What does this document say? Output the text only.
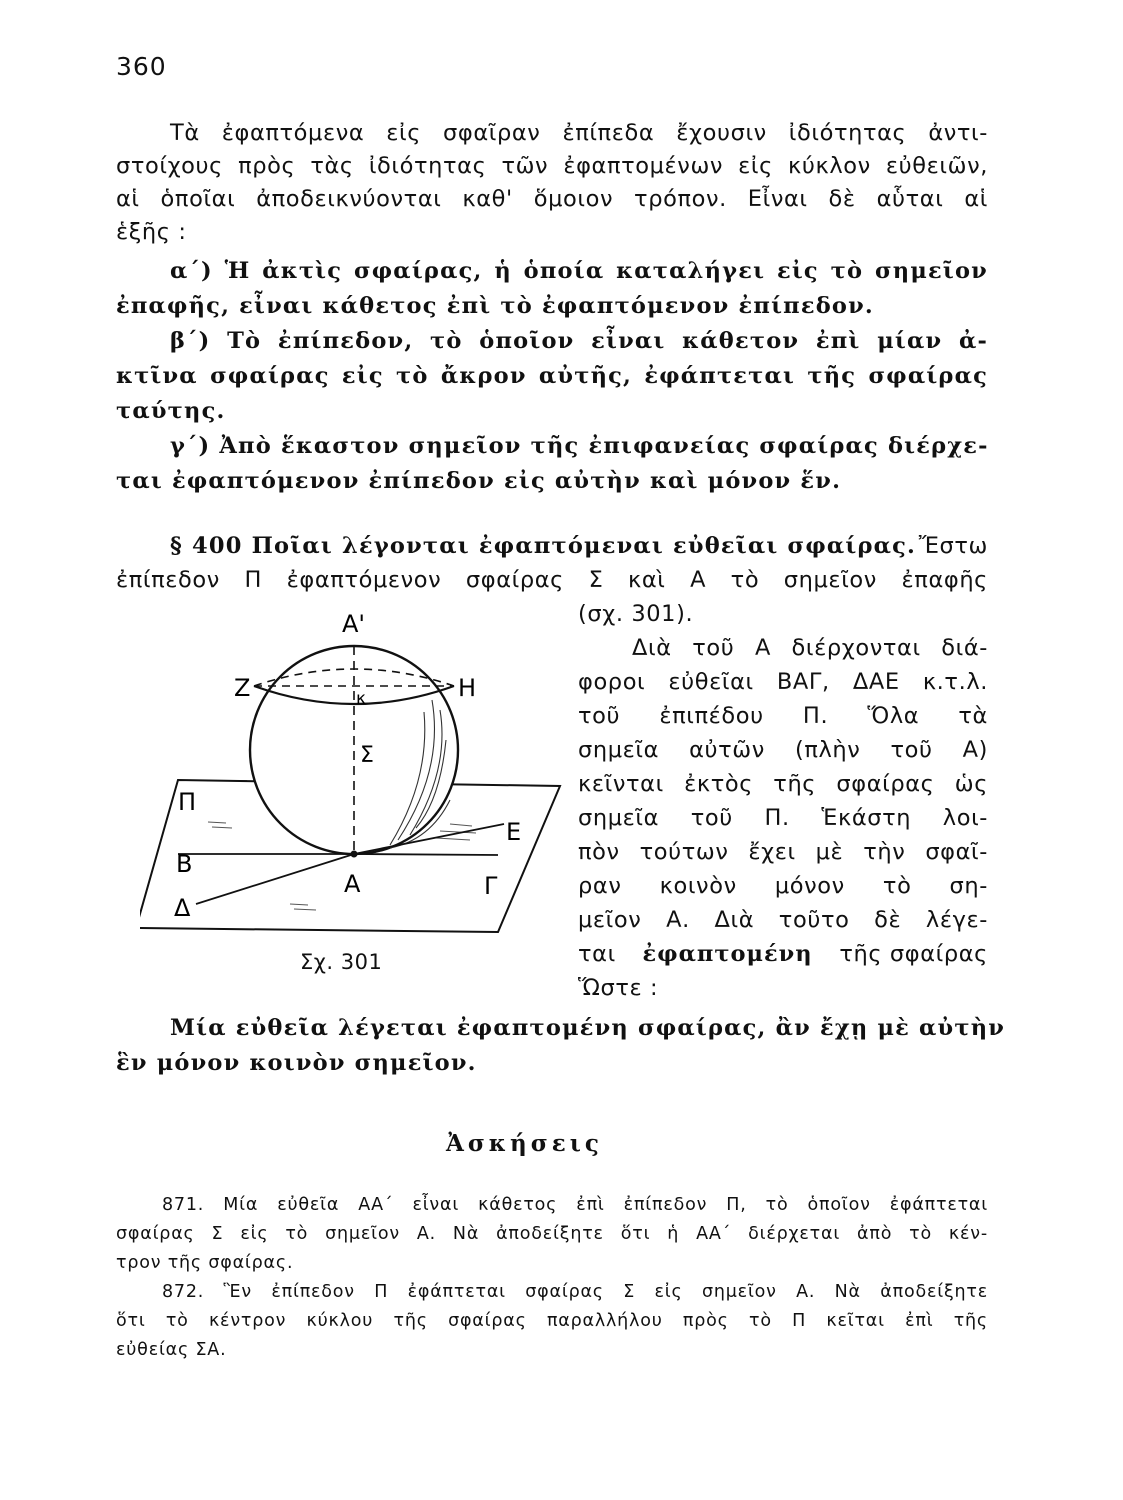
360
Τὰ ἐφαπτόμενα εἰς σφαῖραν ἐπίπεδα ἔχουσιν ἰδιότητας ἀντι-
στοίχους πρὸς τὰς ἰδιότητας τῶν ἐφαπτομένων εἰς κύκλον εὐθειῶν,
αἱ ὁποῖαι ἀποδεικνύονται καθ' ὅμοιον τρόπον. Εἶναι δὲ αὗται αἱ
ἑξῆς :
α΄) Ἡ ἀκτὶς σφαίρας, ἡ ὁποία καταλήγει εἰς τὸ σημεῖον
ἐπαφῆς, εἶναι κάθετος ἐπὶ τὸ ἐφαπτόμενον ἐπίπεδον.
β΄) Τὸ ἐπίπεδον, τὸ ὁποῖον εἶναι κάθετον ἐπὶ μίαν ἀ-
κτῖνα σφαίρας εἰς τὸ ἄκρον αὐτῆς, ἐφάπτεται τῆς σφαίρας
ταύτης.
γ΄) Ἀπὸ ἕκαστον σημεῖον τῆς ἐπιφανείας σφαίρας διέρχε-
ται ἐφαπτόμενον ἐπίπεδον εἰς αὐτὴν καὶ μόνον ἕν.
§ 400 Ποῖαι λέγονται ἐφαπτόμεναι εὐθεῖαι σφαίρας. Ἔστω
ἐπίπεδον Π ἐφαπτόμενον σφαίρας Σ καὶ Α τὸ σημεῖον ἐπαφῆς
(σχ. 301).
Διὰ τοῦ Α διέρχονται διά-
φοροι εὐθεῖαι ΒΑΓ, ΔΑΕ κ.τ.λ.
τοῦ ἐπιπέδου Π. Ὅλα τὰ
σημεῖα αὐτῶν (πλὴν τοῦ Α)
κεῖνται ἐκτὸς τῆς σφαίρας ὡς
σημεῖα τοῦ Π. Ἑκάστη λοι-
πὸν τούτων ἔχει μὲ τὴν σφαῖ-
ραν κοινὸν μόνον τὸ ση-
μεῖον Α. Διὰ τοῦτο δὲ λέγε-
ται ἐφαπτομένη τῆς σφαίρας
Ὥστε :
Μία εὐθεῖα λέγεται ἐφαπτομένη σφαίρας, ἂν ἔχῃ μὲ αὐτὴν
ἓν μόνον κοινὸν σημεῖον.
Α'
Ζ	Η
κ
Σ
Π
Β
Ε
Α	Γ
Δ
Σχ. 301
Ἀσκήσεις
871. Μία εὐθεῖα ΑΑ΄ εἶναι κάθετος ἐπὶ ἐπίπεδον Π, τὸ ὁποῖον ἐφάπτεται
σφαίρας Σ εἰς τὸ σημεῖον Α. Νὰ ἀποδείξητε ὅτι ἡ ΑΑ΄ διέρχεται ἀπὸ τὸ κέν-
τρον τῆς σφαίρας.
872. Ἓν ἐπίπεδον Π ἐφάπτεται σφαίρας Σ εἰς σημεῖον Α. Νὰ ἀποδείξητε
ὅτι τὸ κέντρον κύκλου τῆς σφαίρας παραλλήλου πρὸς τὸ Π κεῖται ἐπὶ τῆς
εὐθείας ΣΑ.
